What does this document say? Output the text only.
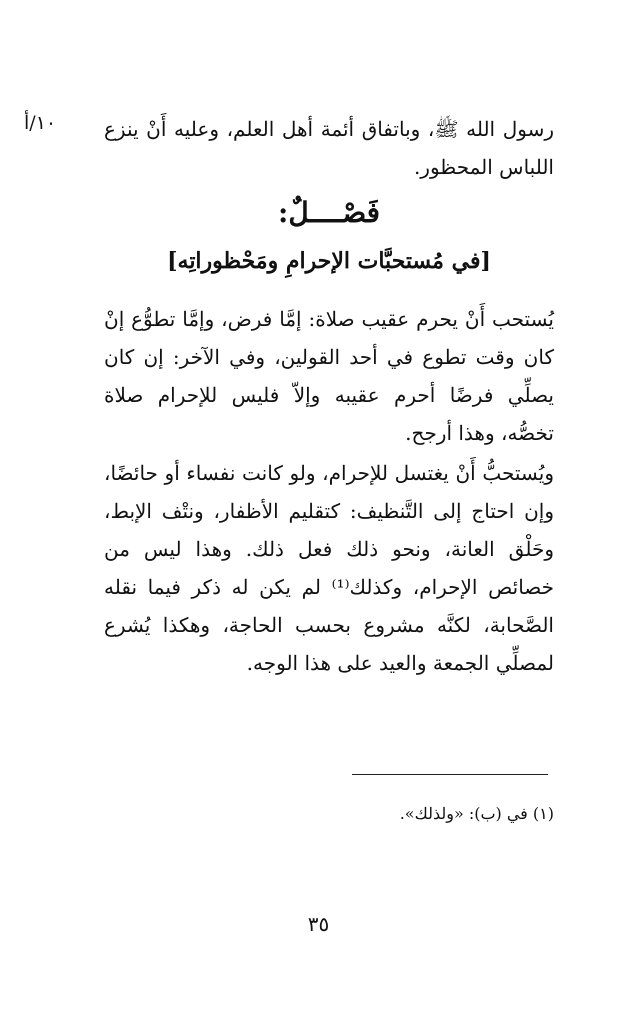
١٠/أ رسول الله ﷺ، وباتفاق أئمة أهل العلم، وعليه أَنْ ينزع اللباس المحظور.
فَصْــــلٌ:
[في مُستحبَّات الإحرامِ ومَحْظوراتِه]
يُستحب أَنْ يحرم عقيب صلاة: إمَّا فرض، وإمَّا تطوُّع إنْ كان وقت تطوع في أحد القولين، وفي الآخر: إن كان يصلِّي فرضًا أحرم عقيبه وإلاّ فليس للإحرام صلاة تخصُّه، وهذا أرجح.
ويُستحبُّ أَنْ يغتسل للإحرام، ولو كانت نفساء أو حائضًا، وإن احتاج إلى التَّنظيف: كتقليم الأظفار، ونتْف الإبط، وحَلْق العانة، ونحو ذلك فعل ذلك. وهذا ليس من خصائص الإحرام، وكذلك⁽¹⁾ لم يكن له ذكر فيما نقله الصَّحابة، لكنَّه مشروع بحسب الحاجة، وهكذا يُشرع لمصلِّي الجمعة والعيد على هذا الوجه.
(١) في (ب): «ولذلك».
٣٥
